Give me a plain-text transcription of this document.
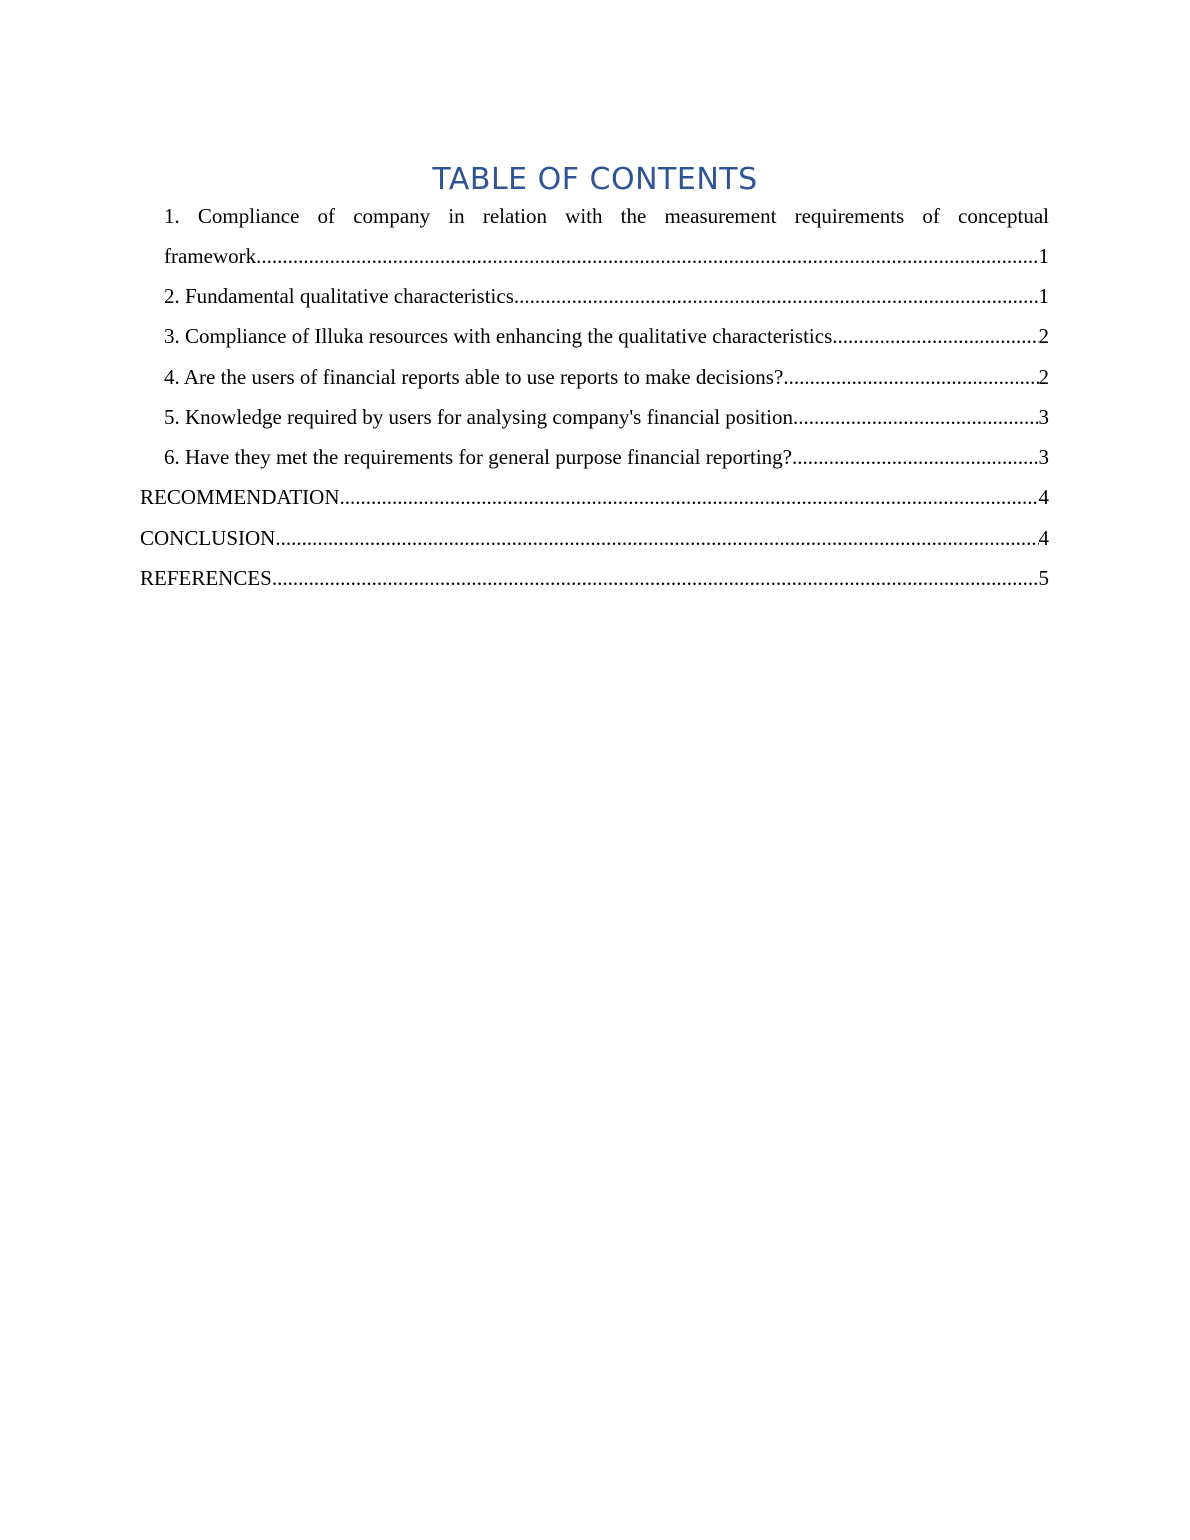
TABLE OF CONTENTS
1. Compliance of company in relation with the measurement requirements of conceptual
framework .....	1
2. Fundamental qualitative characteristics .....	1
3. Compliance of Illuka resources with enhancing the qualitative characteristics .....	2
4. Are the users of financial reports able to use reports to make decisions? .....	2
5. Knowledge required by users for analysing company's financial position. .....	3
6. Have they met the requirements for general purpose financial reporting? .....	3
RECOMMENDATION .....	4
CONCLUSION .....	4
REFERENCES .....	5
